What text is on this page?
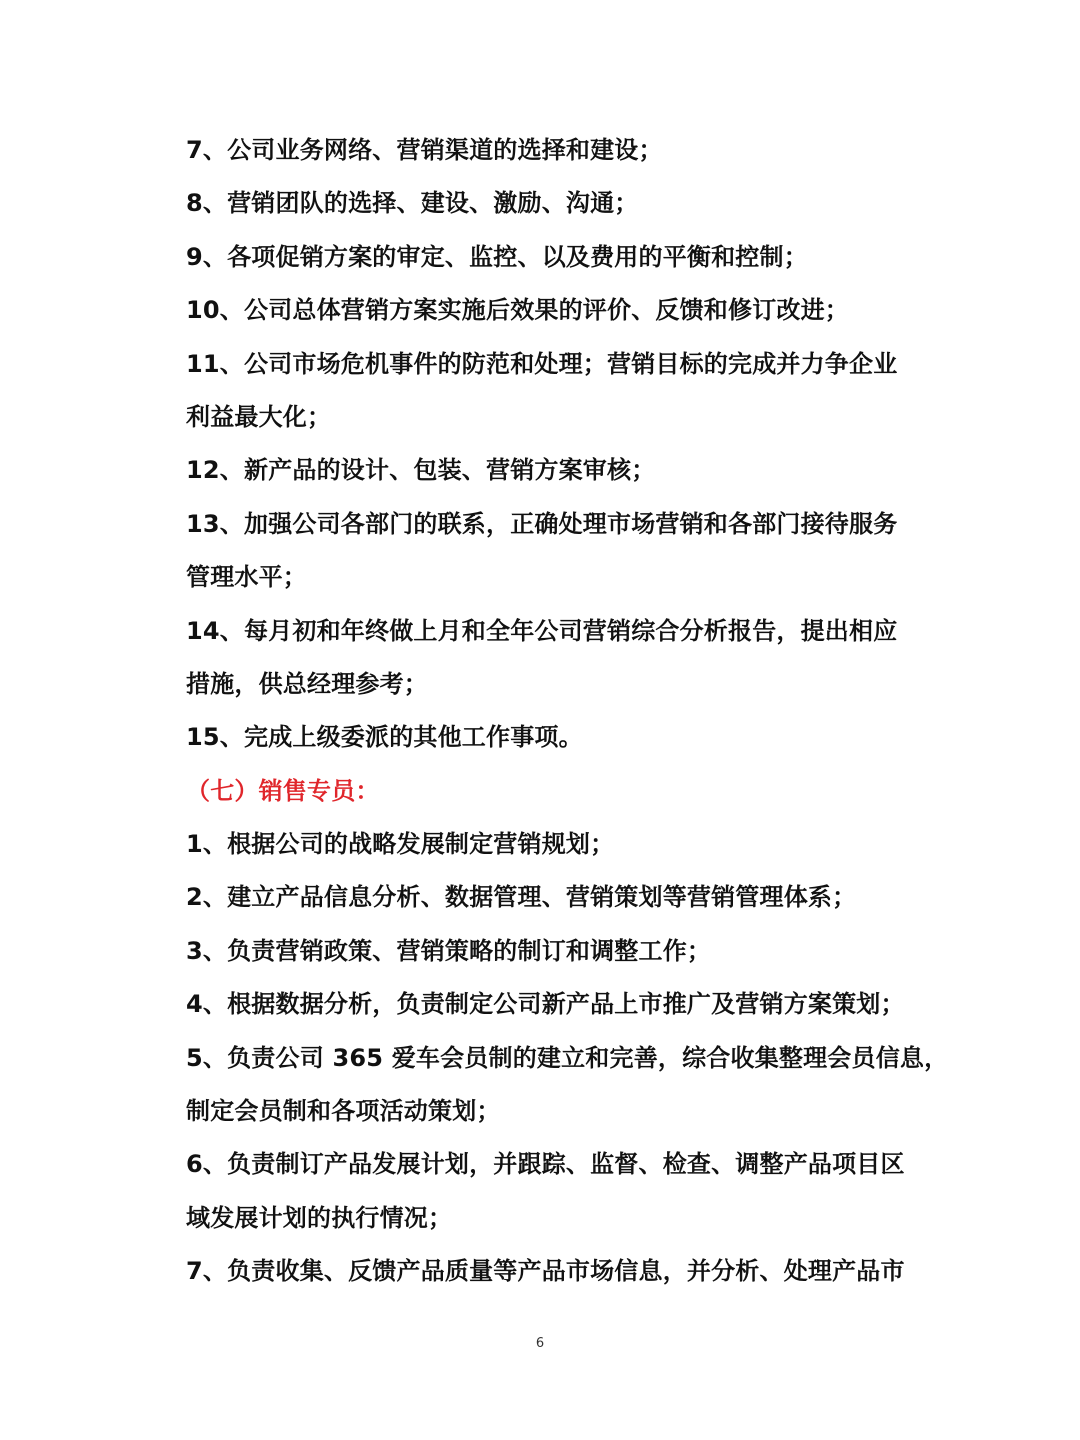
7、公司业务网络、营销渠道的选择和建设；
8、营销团队的选择、建设、激励、沟通；
9、各项促销方案的审定、监控、以及费用的平衡和控制；
10、公司总体营销方案实施后效果的评价、反馈和修订改进；
11、公司市场危机事件的防范和处理；营销目标的完成并力争企业
利益最大化；
12、新产品的设计、包装、营销方案审核；
13、加强公司各部门的联系，正确处理市场营销和各部门接待服务
管理水平；
14、每月初和年终做上月和全年公司营销综合分析报告，提出相应
措施，供总经理参考；
15、完成上级委派的其他工作事项。
（七）销售专员：
1、根据公司的战略发展制定营销规划；
2、建立产品信息分析、数据管理、营销策划等营销管理体系；
3、负责营销政策、营销策略的制订和调整工作；
4、根据数据分析，负责制定公司新产品上市推广及营销方案策划；
5、负责公司 365 爱车会员制的建立和完善，综合收集整理会员信息，
制定会员制和各项活动策划；
6、负责制订产品发展计划，并跟踪、监督、检查、调整产品项目区
域发展计划的执行情况；
7、负责收集、反馈产品质量等产品市场信息，并分析、处理产品市
6
